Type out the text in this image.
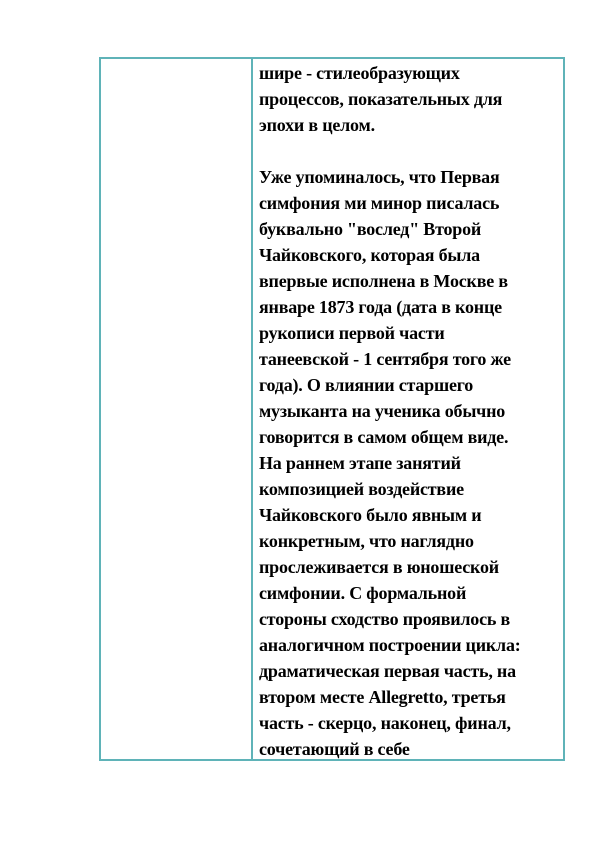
шире - стилеобразующих
процессов, показательных для
эпохи в целом.

Уже упоминалось, что Первая
симфония ми минор писалась
буквально "вослед" Второй
Чайковского, которая была
впервые исполнена в Москве в
январе 1873 года (дата в конце
рукописи первой части
танеевской - 1 сентября того же
года). О влиянии старшего
музыканта на ученика обычно
говорится в самом общем виде.
На раннем этапе занятий
композицией воздействие
Чайковского было явным и
конкретным, что наглядно
прослеживается в юношеской
симфонии. С формальной
стороны сходство проявилось в
аналогичном построении цикла:
драматическая первая часть, на
втором месте Allegretto, третья
часть - скерцо, наконец, финал,
сочетающий в себе
